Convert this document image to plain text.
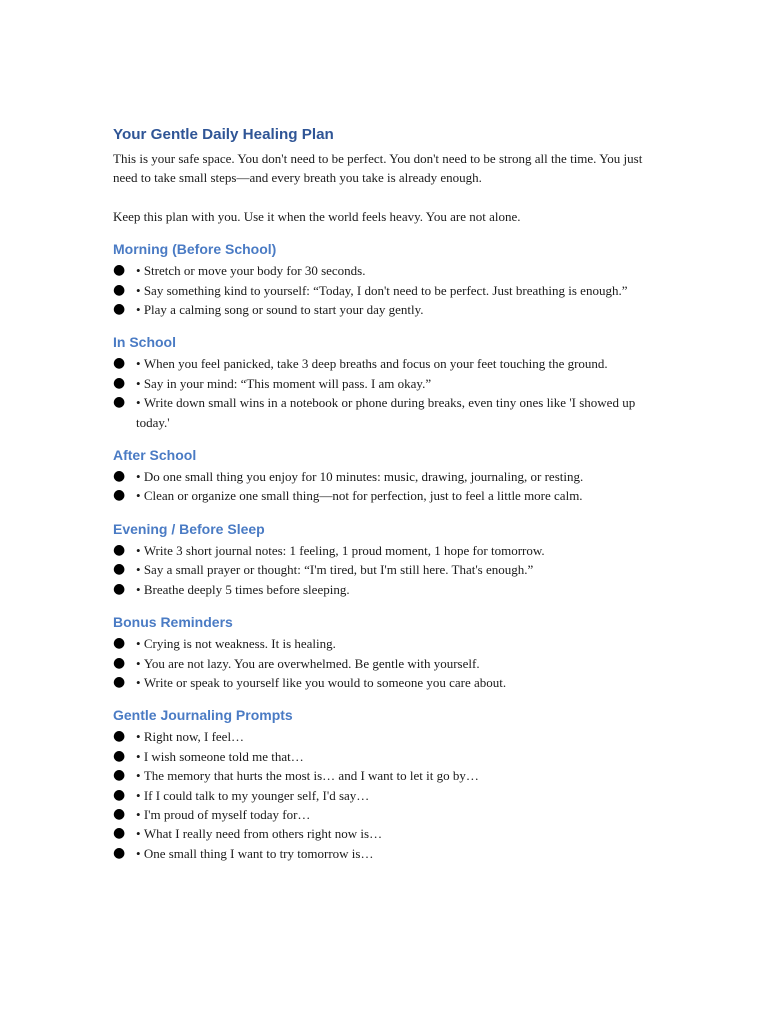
Your Gentle Daily Healing Plan

This is your safe space. You don't need to be perfect. You don't need to be strong all the time. You just need to take small steps—and every breath you take is already enough.

Keep this plan with you. Use it when the world feels heavy. You are not alone.

Morning (Before School)
● • Stretch or move your body for 30 seconds.
● • Say something kind to yourself: “Today, I don't need to be perfect. Just breathing is enough.”
● • Play a calming song or sound to start your day gently.
In School
● • When you feel panicked, take 3 deep breaths and focus on your feet touching the ground.
● • Say in your mind: “This moment will pass. I am okay.”
● • Write down small wins in a notebook or phone during breaks, even tiny ones like 'I showed up today.'
After School
● • Do one small thing you enjoy for 10 minutes: music, drawing, journaling, or resting.
● • Clean or organize one small thing—not for perfection, just to feel a little more calm.
Evening / Before Sleep
● • Write 3 short journal notes: 1 feeling, 1 proud moment, 1 hope for tomorrow.
● • Say a small prayer or thought: “I'm tired, but I'm still here. That's enough.”
● • Breathe deeply 5 times before sleeping.
Bonus Reminders
● • Crying is not weakness. It is healing.
● • You are not lazy. You are overwhelmed. Be gentle with yourself.
● • Write or speak to yourself like you would to someone you care about.
Gentle Journaling Prompts
● • Right now, I feel…
● • I wish someone told me that…
● • The memory that hurts the most is… and I want to let it go by…
● • If I could talk to my younger self, I'd say…
● • I'm proud of myself today for…
● • What I really need from others right now is…
● • One small thing I want to try tomorrow is…
